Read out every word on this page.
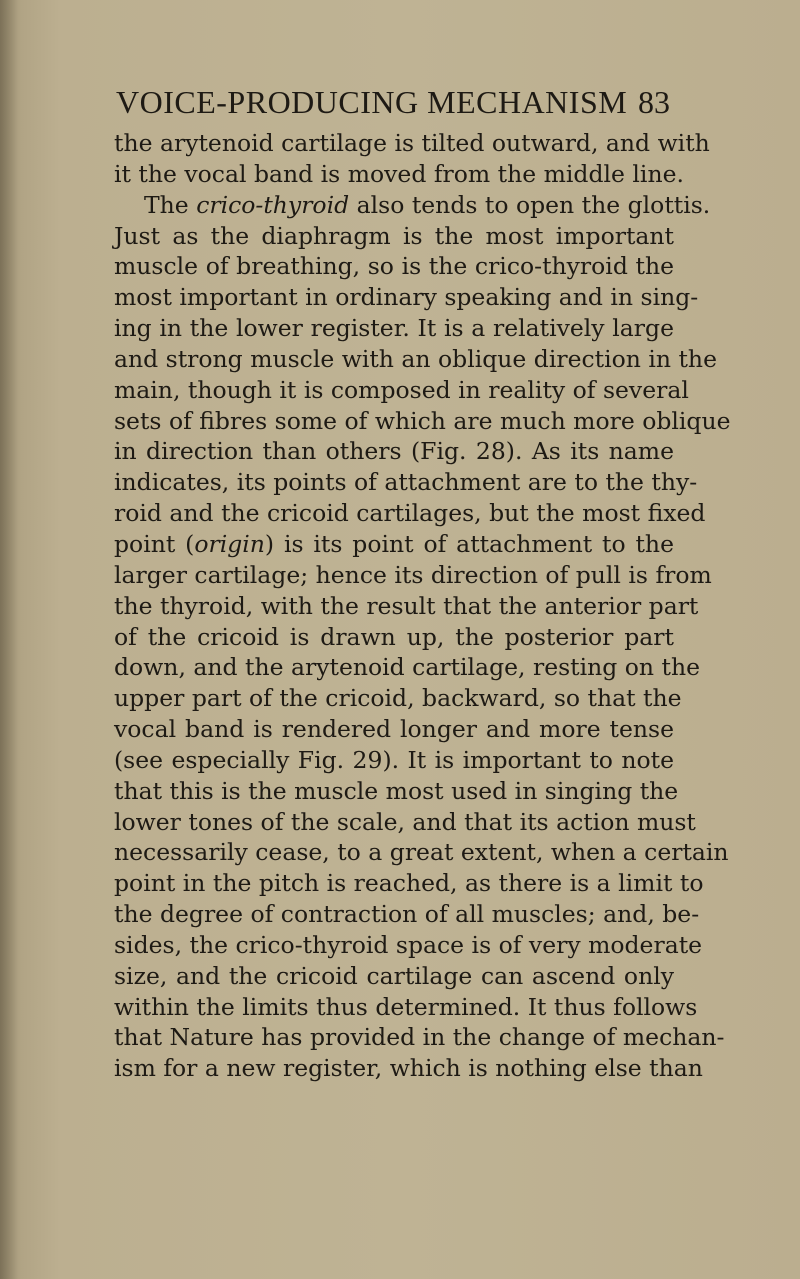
VOICE-PRODUCING MECHANISM 83
the arytenoid cartilage is tilted outward, and with
it the vocal band is moved from the middle line.
The crico-thyroid also tends to open the glottis.
Just as the diaphragm is the most important
muscle of breathing, so is the crico-thyroid the
most important in ordinary speaking and in sing-
ing in the lower register. It is a relatively large
and strong muscle with an oblique direction in the
main, though it is composed in reality of several
sets of fibres some of which are much more oblique
in direction than others (Fig. 28). As its name
indicates, its points of attachment are to the thy-
roid and the cricoid cartilages, but the most fixed
point (origin) is its point of attachment to the
larger cartilage; hence its direction of pull is from
the thyroid, with the result that the anterior part
of the cricoid is drawn up, the posterior part
down, and the arytenoid cartilage, resting on the
upper part of the cricoid, backward, so that the
vocal band is rendered longer and more tense
(see especially Fig. 29). It is important to note
that this is the muscle most used in singing the
lower tones of the scale, and that its action must
necessarily cease, to a great extent, when a certain
point in the pitch is reached, as there is a limit to
the degree of contraction of all muscles; and, be-
sides, the crico-thyroid space is of very moderate
size, and the cricoid cartilage can ascend only
within the limits thus determined. It thus follows
that Nature has provided in the change of mechan-
ism for a new register, which is nothing else than
